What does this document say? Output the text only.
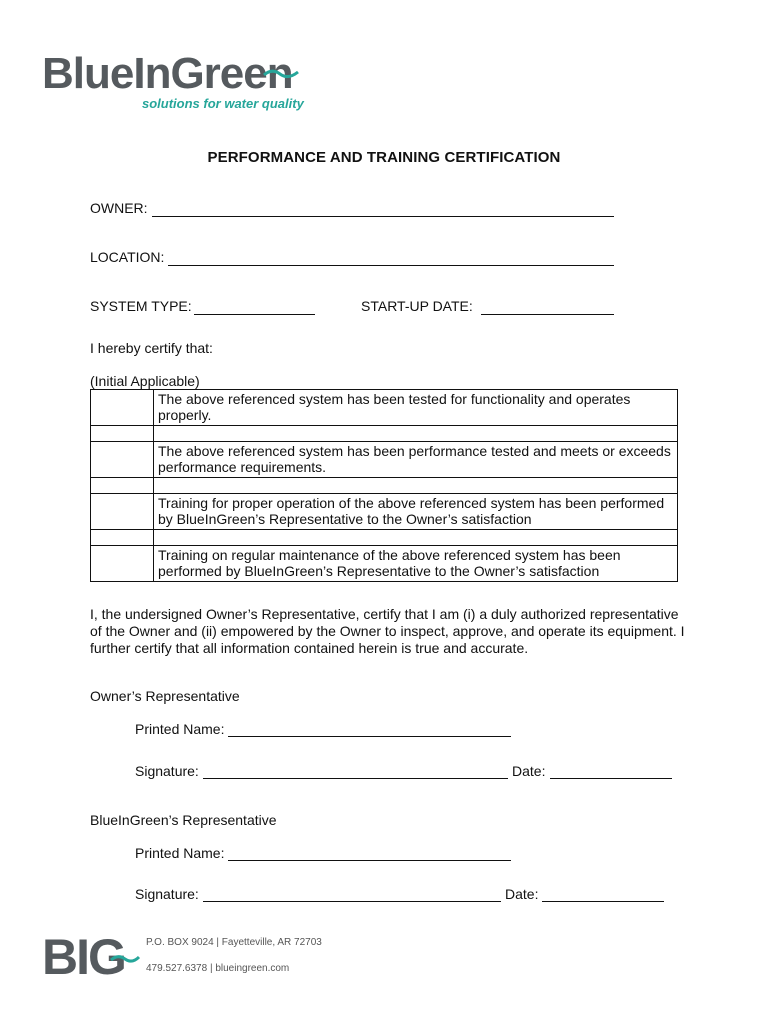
BlueInGreen
solutions for water quality
PERFORMANCE AND TRAINING CERTIFICATION
OWNER:
LOCATION:
SYSTEM TYPE:	START-UP DATE:
I hereby certify that:
(Initial Applicable)
	The above referenced system has been tested for functionality and operates properly.

	The above referenced system has been performance tested and meets or exceeds performance requirements.

	Training for proper operation of the above referenced system has been performed by BlueInGreen’s Representative to the Owner’s satisfaction

	Training on regular maintenance of the above referenced system has been performed by BlueInGreen’s Representative to the Owner’s satisfaction
I, the undersigned Owner’s Representative, certify that I am (i) a duly authorized representative of the Owner and (ii) empowered by the Owner to inspect, approve, and operate its equipment. I further certify that all information contained herein is true and accurate.
Owner’s Representative
Printed Name:
Signature:	Date:
BlueInGreen’s Representative
Printed Name:
Signature:	Date:
BIG P.O. BOX 9024 | Fayetteville, AR 72703
479.527.6378 | blueingreen.com
